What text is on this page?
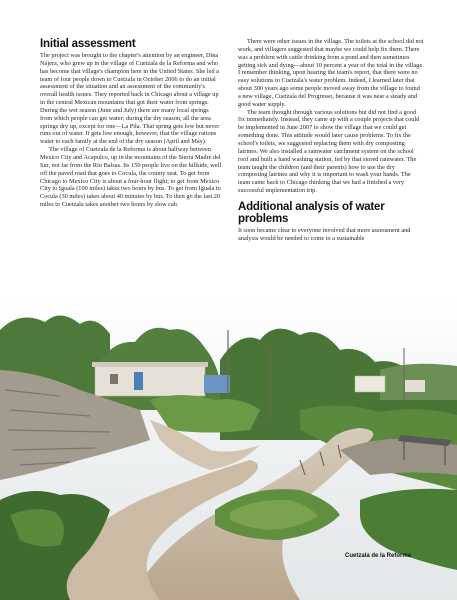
Initial assessment

The project was brought to the chapter's attention by an engineer, Dina Nájera, who grew up in the village of Cuetzala de la Reforma and who has become that village's champion here in the United States. She led a team of four people down to Cuetzala in October 2006 to do an initial assessment of the situation and an assessment of the community's overall health issues. They reported back in Chicago about a village up in the central Mexican mountains that got their water from springs. During the wet season (June and July) there are many local springs from which people can get water; during the dry season, all the area springs dry up, except for one—La Pila. That spring gets low but never runs out of water. It gets low enough, however, that the village rations water to each family at the end of the dry season (April and May).

The village of Cuetzala de la Reforma is about halfway between Mexico City and Acapulco, up in the mountains of the Sierra Madre del Sur, not far from the Rio Balsas. Its 150 people live on the hillside, well off the paved road that goes to Cocula, the county seat. To get from Chicago to Mexico City is about a four-hour flight; to get from Mexico City to Iguala (100 miles) takes two hours by bus. To get from Iguala to Cocula (30 miles) takes about 40 minutes by bus. To then go the last 20 miles to Cuetzala takes another two hours by slow cab.

There were other issues in the village. The toilets at the school did not work, and villagers suggested that maybe we could help fix them. There was a problem with cattle drinking from a pond and then sometimes getting sick and dying—about 10 percent a year of the total in the village. I remember thinking, upon hearing the team's report, that there were no easy solutions to Cuetzala's water problem. Indeed, I learned later that about 300 years ago some people moved away from the village to found a new village, Cuetzala del Progresso, because it was near a steady and good water supply.

The team thought through various solutions but did not find a good fix immediately. Instead, they came up with a couple projects that could be implemented in June 2007 to show the village that we could get something done. This attitude would later cause problems. To fix the school's toilets, we suggested replacing them with dry composting latrines. We also installed a rainwater catchment system on the school roof and built a hand washing station, fed by that stored rainwater. The team taught the children (and their parents) how to use the dry composting latrines and why it is important to wash your hands. The team came back to Chicago thinking that we had a finished a very successful implementation trip.

Additional analysis of water problems

It soon became clear to everyone involved that more assessment and analysis would be needed to come to a sustainable

Cuetzala de la Reforma
